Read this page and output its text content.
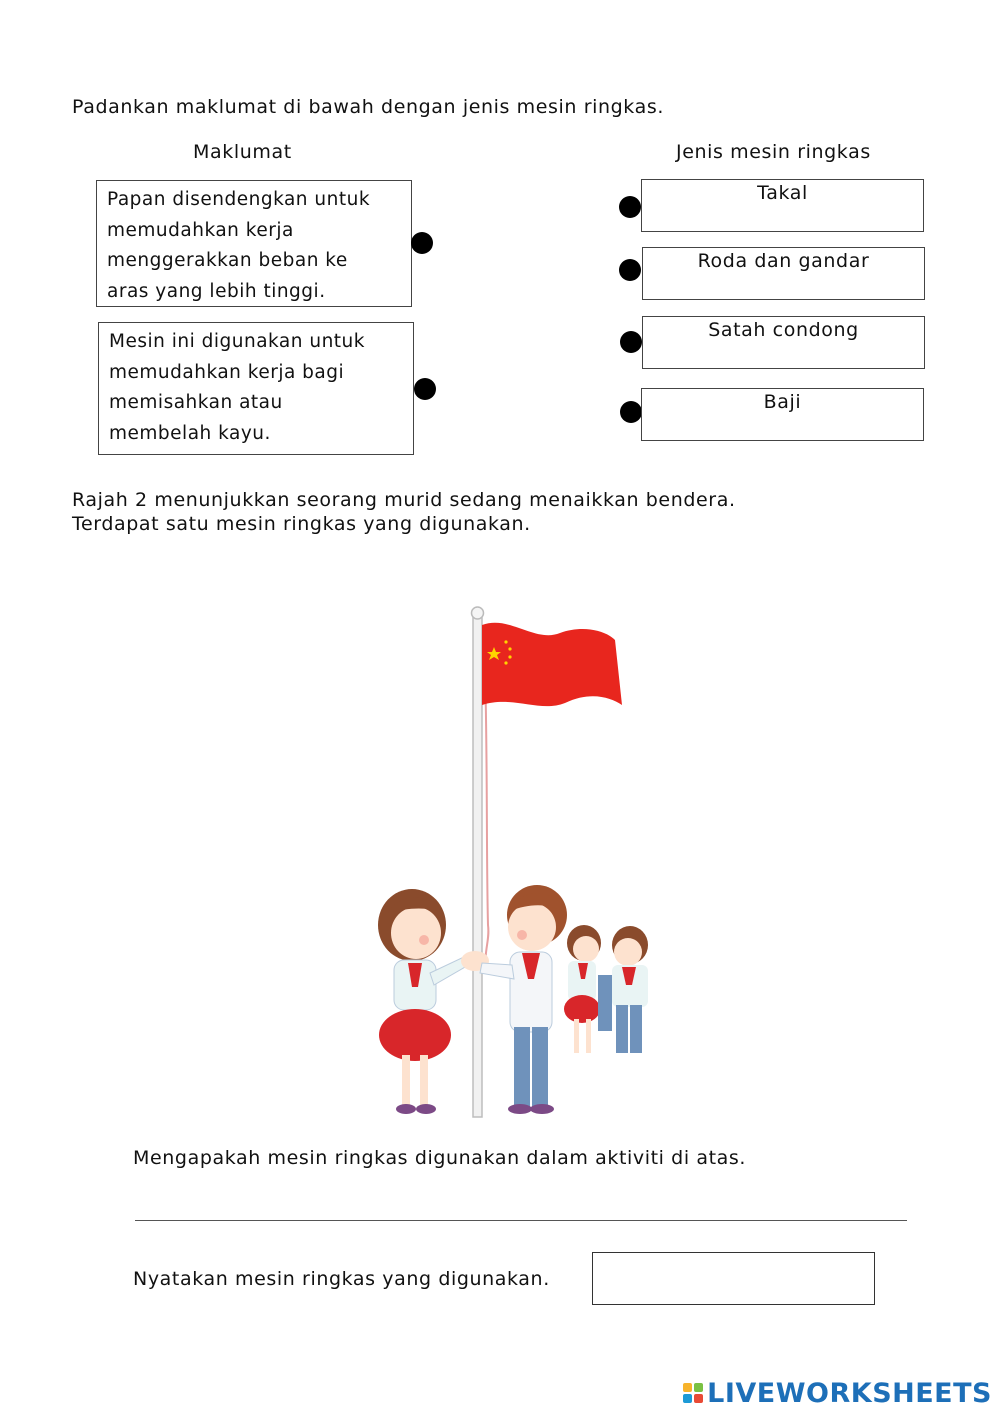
Padankan maklumat di bawah dengan jenis mesin ringkas.
Maklumat	Jenis mesin ringkas
Papan disendengkan untuk
memudahkan kerja
menggerakkan beban ke
aras yang lebih tinggi.
Mesin ini digunakan untuk
memudahkan kerja bagi
memisahkan atau
membelah kayu.
Takal
Roda dan gandar
Satah condong
Baji
Rajah 2 menunjukkan seorang murid sedang menaikkan bendera.
Terdapat satu mesin ringkas yang digunakan.
Mengapakah mesin ringkas digunakan dalam aktiviti di atas.
Nyatakan mesin ringkas yang digunakan.
LIVEWORKSHEETS
